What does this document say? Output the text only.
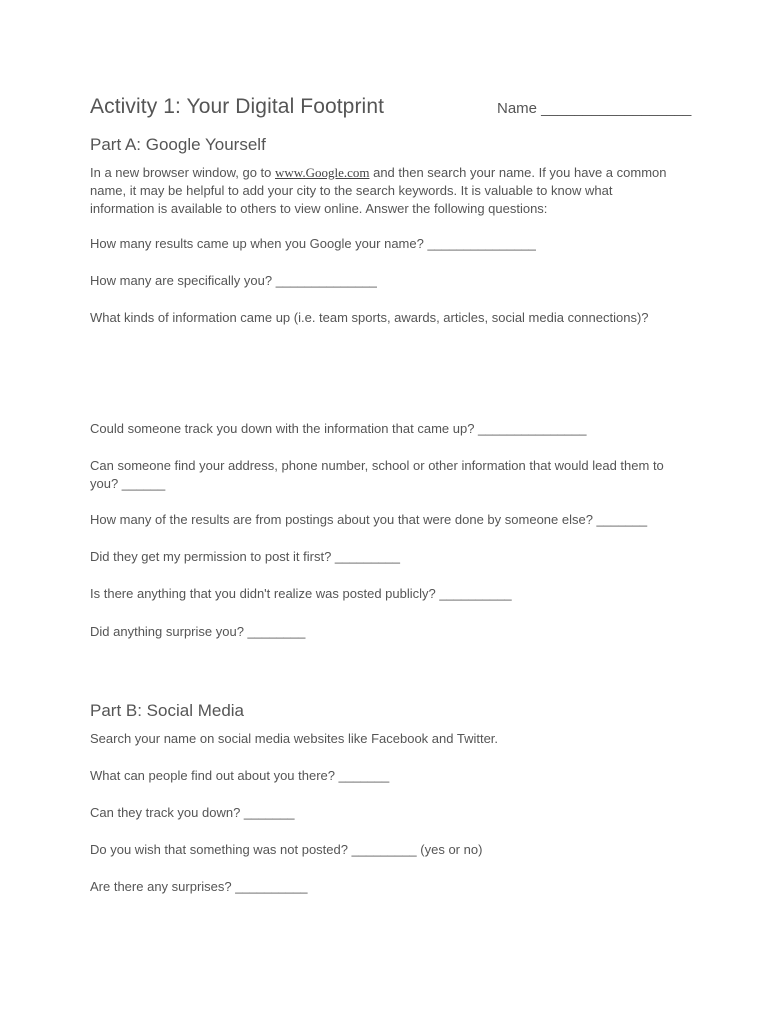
Activity 1: Your Digital Footprint	Name __________________
Part A: Google Yourself
In a new browser window, go to www.Google.com and then search your name. If you have a common name, it may be helpful to add your city to the search keywords. It is valuable to know what information is available to others to view online. Answer the following questions:
How many results came up when you Google your name? _______________
How many are specifically you? ______________
What kinds of information came up (i.e. team sports, awards, articles, social media connections)?
Could someone track you down with the information that came up? _______________
Can someone find your address, phone number, school or other information that would lead them to you? ______
How many of the results are from postings about you that were done by someone else? _______
Did they get my permission to post it first? _________
Is there anything that you didn't realize was posted publicly? __________
Did anything surprise you? ________
Part B: Social Media
Search your name on social media websites like Facebook and Twitter.
What can people find out about you there? _______
Can they track you down? _______
Do you wish that something was not posted? _________ (yes or no)
Are there any surprises? __________
